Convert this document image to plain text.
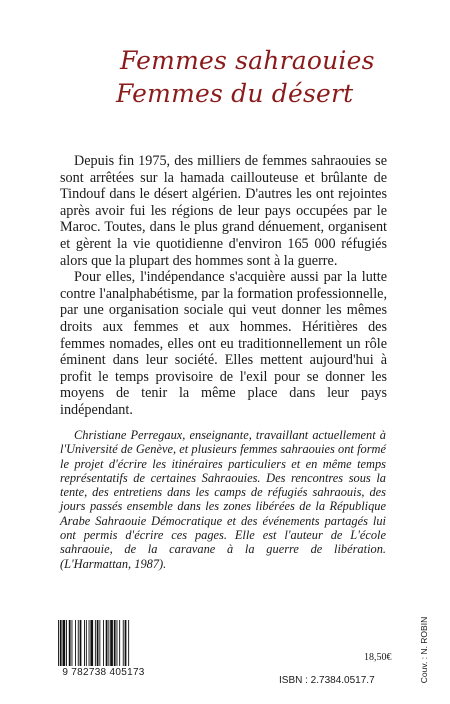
Femmes sahraouies
Femmes du désert

Depuis fin 1975, des milliers de femmes sahraouies se sont arrêtées sur la hamada caillouteuse et brûlante de Tindouf dans le désert algérien. D'autres les ont rejointes après avoir fui les régions de leur pays occupées par le Maroc. Toutes, dans le plus grand dénuement, organisent et gèrent la vie quotidienne d'environ 165 000 réfugiés alors que la plupart des hommes sont à la guerre.

Pour elles, l'indépendance s'acquière aussi par la lutte contre l'analphabétisme, par la formation professionnelle, par une organisation sociale qui veut donner les mêmes droits aux femmes et aux hommes. Héritières des femmes nomades, elles ont eu traditionnellement un rôle éminent dans leur société. Elles mettent aujourd'hui à profit le temps provisoire de l'exil pour se donner les moyens de tenir la même place dans leur pays indépendant.

Christiane Perregaux, enseignante, travaillant actuellement à l'Université de Genève, et plusieurs femmes sahraouies ont formé le projet d'écrire les itinéraires particuliers et en même temps représentatifs de certaines Sahraouies. Des rencontres sous la tente, des entretiens dans les camps de réfugiés sahraouis, des jours passés ensemble dans les zones libérées de la République Arabe Sahraouie Démocratique et des événements partagés lui ont permis d'écrire ces pages. Elle est l'auteur de L'école sahraouie, de la caravane à la guerre de libération. (L'Harmattan, 1987).
9 782738 405173
18,50€
ISBN : 2.7384.0517.7	Couv. : N. ROBIN
